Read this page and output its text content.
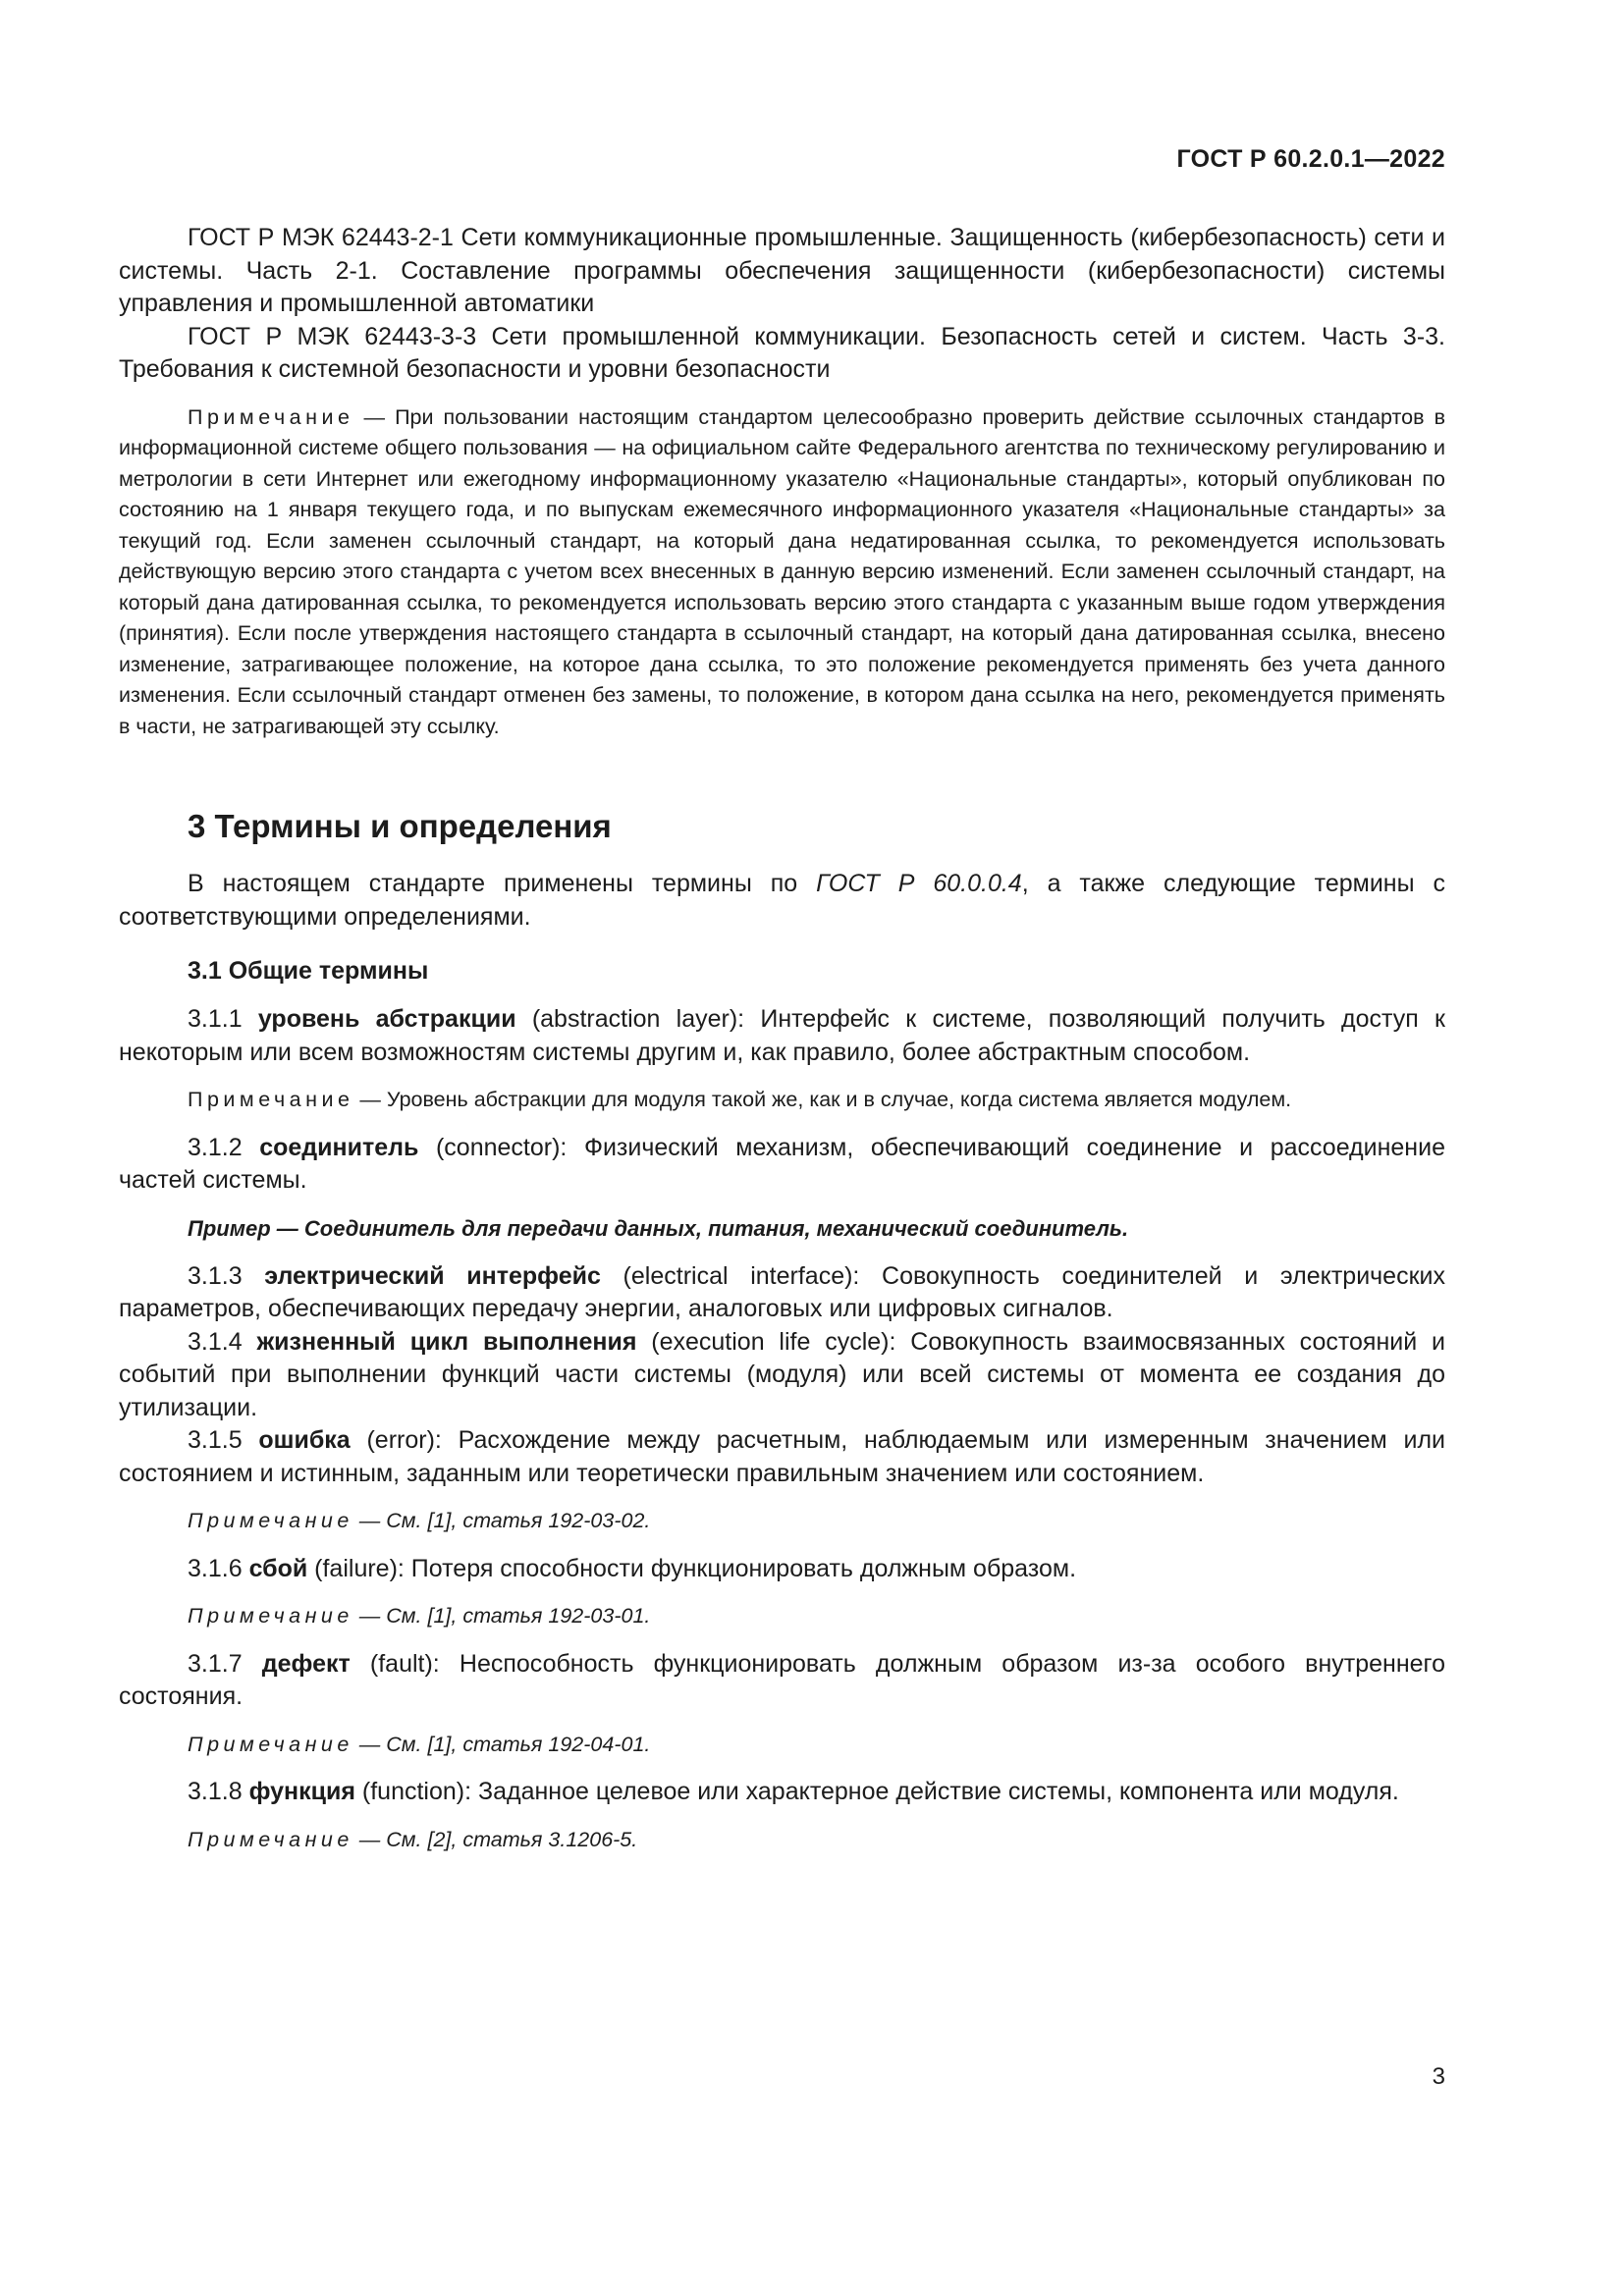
ГОСТ Р 60.2.0.1—2022

ГОСТ Р МЭК 62443-2-1 Сети коммуникационные промышленные. Защищенность (кибербезопасность) сети и системы. Часть 2-1. Составление программы обеспечения защищенности (кибербезопасности) системы управления и промышленной автоматики

ГОСТ Р МЭК 62443-3-3 Сети промышленной коммуникации. Безопасность сетей и систем. Часть 3-3. Требования к системной безопасности и уровни безопасности

Примечание — При пользовании настоящим стандартом целесообразно проверить действие ссылочных стандартов в информационной системе общего пользования — на официальном сайте Федерального агентства по техническому регулированию и метрологии в сети Интернет или ежегодному информационному указателю «Национальные стандарты», который опубликован по состоянию на 1 января текущего года, и по выпускам ежемесячного информационного указателя «Национальные стандарты» за текущий год. Если заменен ссылочный стандарт, на который дана недатированная ссылка, то рекомендуется использовать действующую версию этого стандарта с учетом всех внесенных в данную версию изменений. Если заменен ссылочный стандарт, на который дана датированная ссылка, то рекомендуется использовать версию этого стандарта с указанным выше годом утверждения (принятия). Если после утверждения настоящего стандарта в ссылочный стандарт, на который дана датированная ссылка, внесено изменение, затрагивающее положение, на которое дана ссылка, то это положение рекомендуется применять без учета данного изменения. Если ссылочный стандарт отменен без замены, то положение, в котором дана ссылка на него, рекомендуется применять в части, не затрагивающей эту ссылку.

3 Термины и определения

В настоящем стандарте применены термины по ГОСТ Р 60.0.0.4, а также следующие термины с соответствующими определениями.

3.1 Общие термины

3.1.1 уровень абстракции (abstraction layer): Интерфейс к системе, позволяющий получить доступ к некоторым или всем возможностям системы другим и, как правило, более абстрактным способом.

Примечание — Уровень абстракции для модуля такой же, как и в случае, когда система является модулем.

3.1.2 соединитель (connector): Физический механизм, обеспечивающий соединение и рассоединение частей системы.

Пример — Соединитель для передачи данных, питания, механический соединитель.

3.1.3 электрический интерфейс (electrical interface): Совокупность соединителей и электрических параметров, обеспечивающих передачу энергии, аналоговых или цифровых сигналов.

3.1.4 жизненный цикл выполнения (execution life cycle): Совокупность взаимосвязанных состояний и событий при выполнении функций части системы (модуля) или всей системы от момента ее создания до утилизации.

3.1.5 ошибка (error): Расхождение между расчетным, наблюдаемым или измеренным значением или состоянием и истинным, заданным или теоретически правильным значением или состоянием.

Примечание — См. [1], статья 192-03-02.

3.1.6 сбой (failure): Потеря способности функционировать должным образом.

Примечание — См. [1], статья 192-03-01.

3.1.7 дефект (fault): Неспособность функционировать должным образом из-за особого внутреннего состояния.

Примечание — См. [1], статья 192-04-01.

3.1.8 функция (function): Заданное целевое или характерное действие системы, компонента или модуля.

Примечание — См. [2], статья 3.1206-5.

3
